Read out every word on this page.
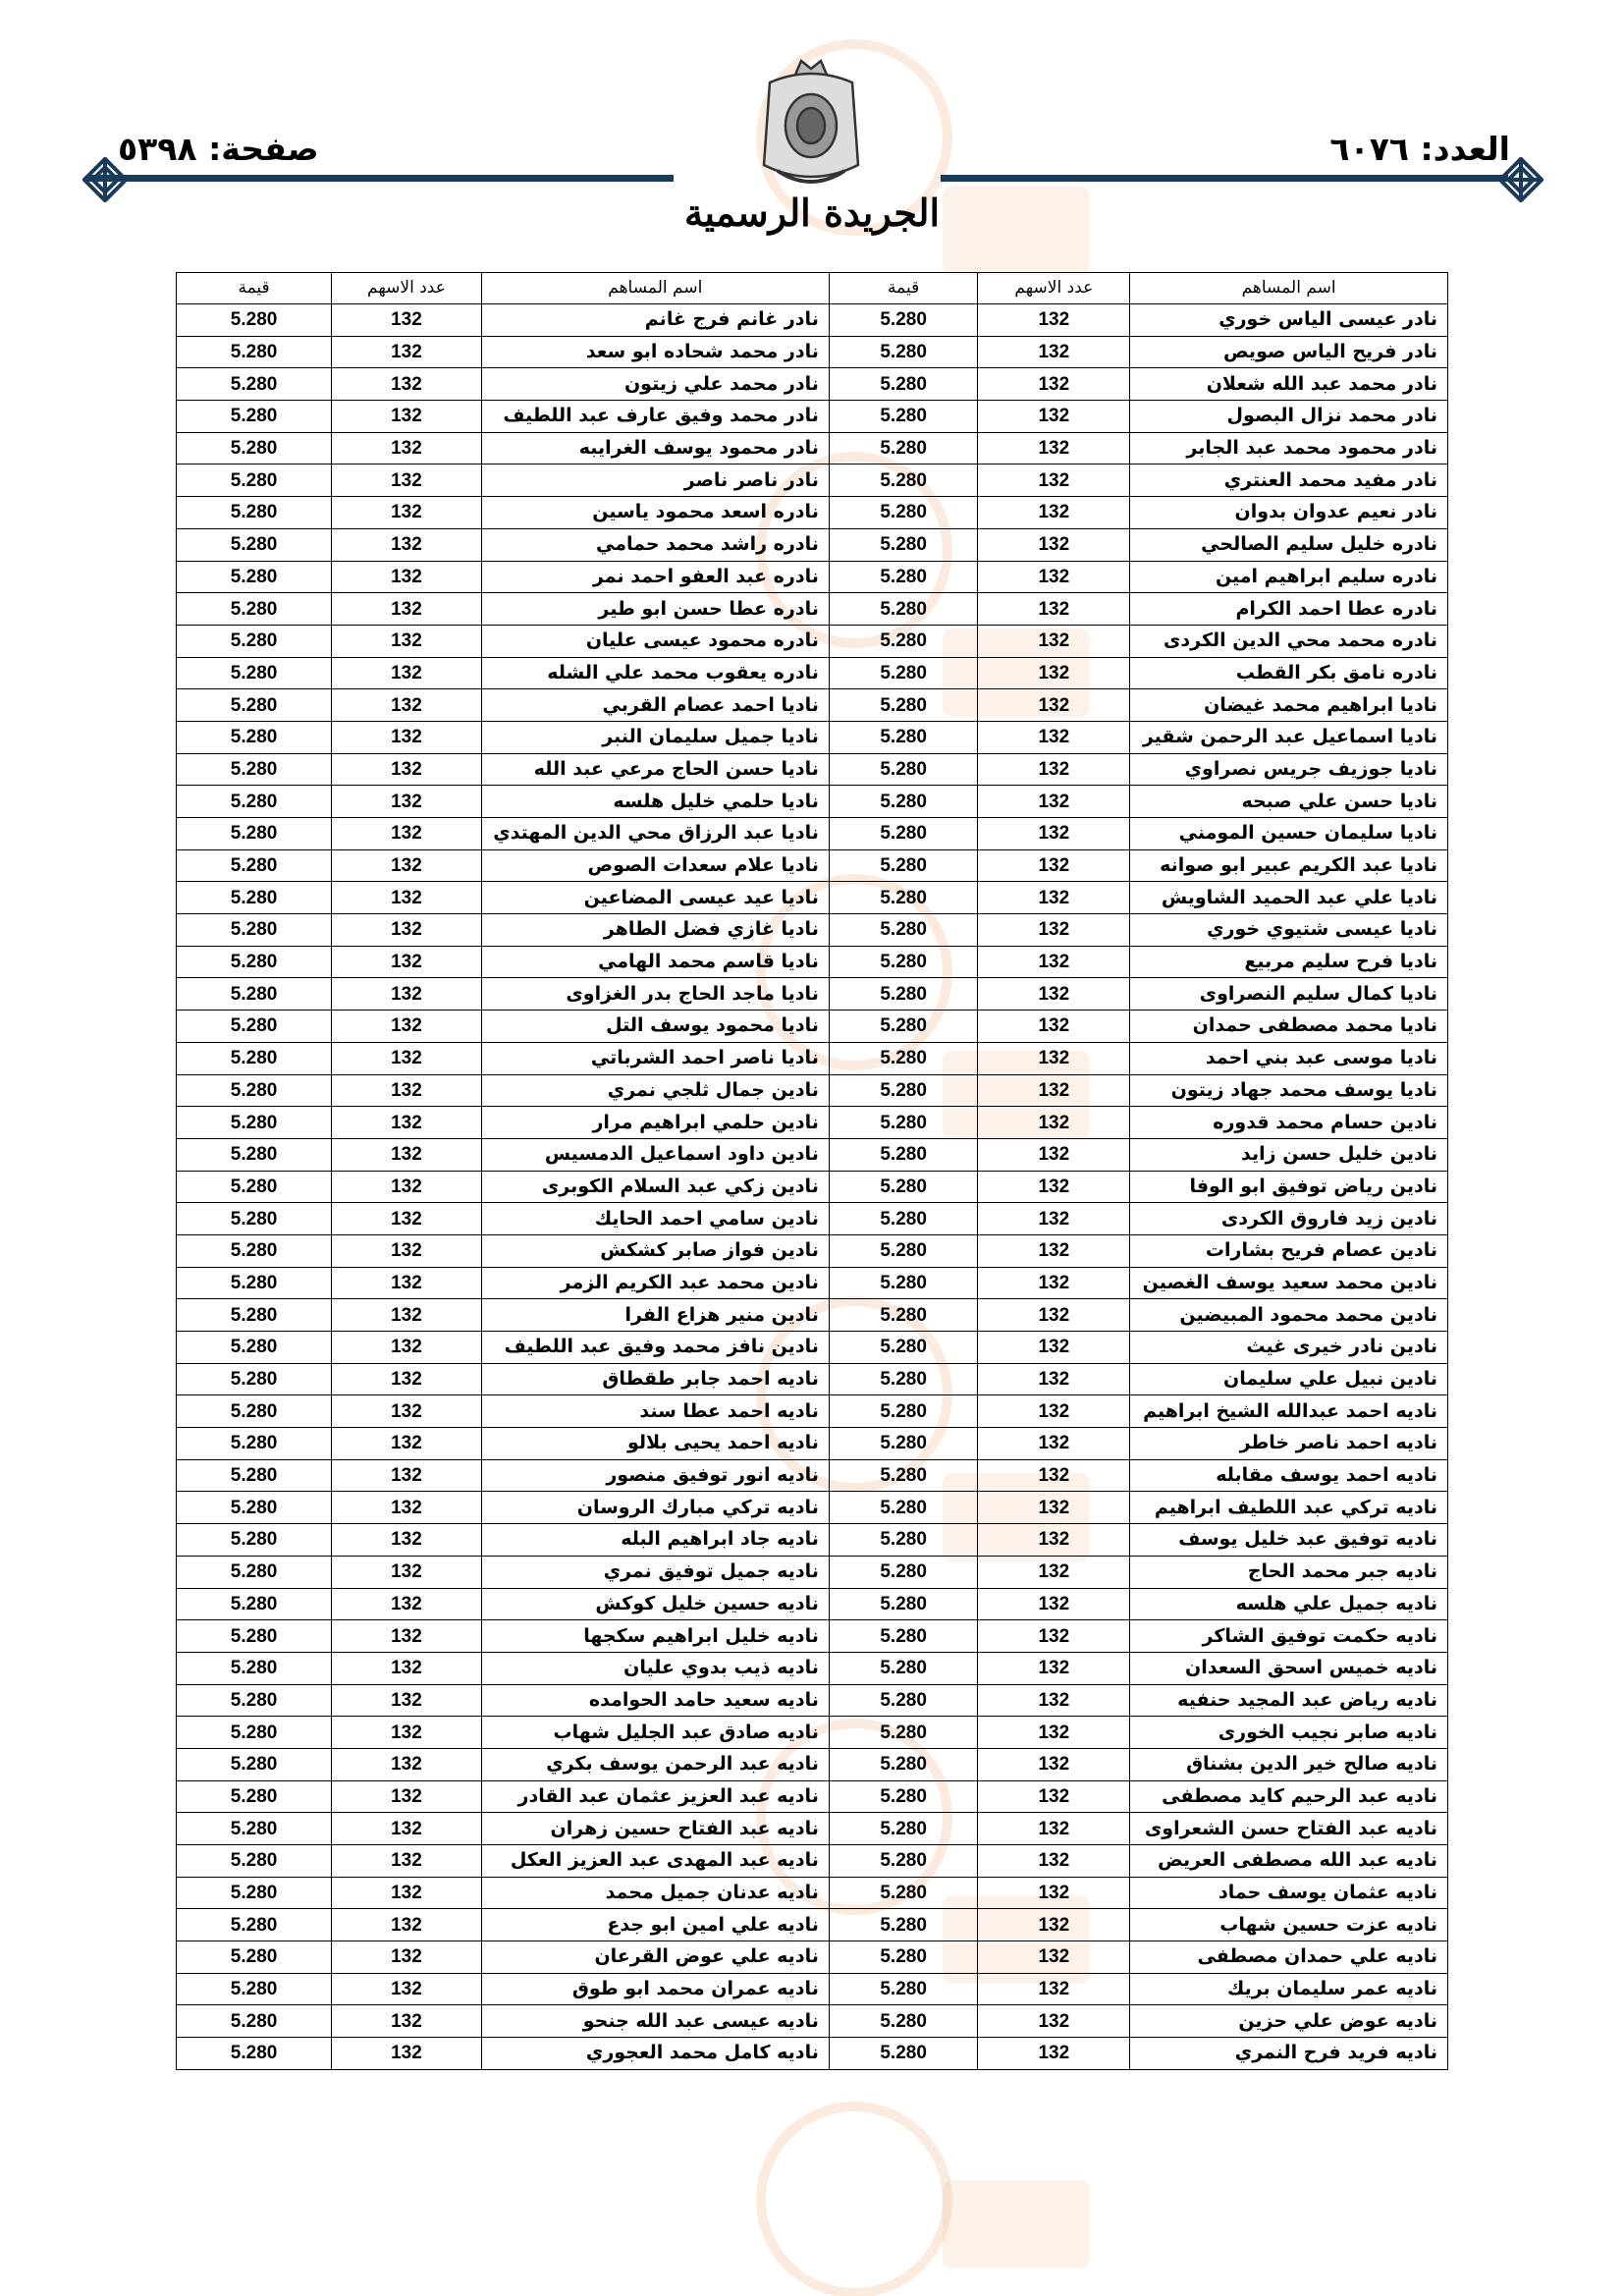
العدد: ٦٠٧٦
صفحة: ٥٣٩٨
الجريدة الرسمية
اسم المساهم	عدد الاسهم	قيمة	اسم المساهم	عدد الاسهم	قيمة
نادر عيسى الياس خوري	132	5.280	نادر غانم فرج غانم	132	5.280
نادر فريح الياس صويص	132	5.280	نادر محمد شحاده ابو سعد	132	5.280
نادر محمد عبد الله شعلان	132	5.280	نادر محمد علي زيتون	132	5.280
نادر محمد نزال البصول	132	5.280	نادر محمد وفيق عارف عبد اللطيف	132	5.280
نادر محمود محمد عبد الجابر	132	5.280	نادر محمود يوسف الغرايبه	132	5.280
نادر مفيد محمد العنتري	132	5.280	نادر ناصر ناصر	132	5.280
نادر نعيم عدوان بدوان	132	5.280	نادره اسعد محمود ياسين	132	5.280
نادره خليل سليم الصالحي	132	5.280	نادره راشد محمد حمامي	132	5.280
نادره سليم ابراهيم امين	132	5.280	نادره عبد العفو احمد نمر	132	5.280
نادره عطا احمد الكرام	132	5.280	نادره عطا حسن ابو طير	132	5.280
نادره محمد محي الدين الكردى	132	5.280	نادره محمود عيسى عليان	132	5.280
نادره نامق بكر القطب	132	5.280	نادره يعقوب محمد علي الشله	132	5.280
ناديا ابراهيم محمد غيضان	132	5.280	ناديا احمد عصام القربي	132	5.280
ناديا اسماعيل عبد الرحمن شقير	132	5.280	ناديا جميل سليمان النبر	132	5.280
ناديا جوزيف جريس نصراوي	132	5.280	ناديا حسن الحاج مرعي عبد الله	132	5.280
ناديا حسن علي صبحه	132	5.280	ناديا حلمي خليل هلسه	132	5.280
ناديا سليمان حسين المومني	132	5.280	ناديا عبد الرزاق محي الدين المهتدي	132	5.280
ناديا عبد الكريم عبير ابو صوانه	132	5.280	ناديا علام سعدات الصوص	132	5.280
ناديا علي عبد الحميد الشاويش	132	5.280	ناديا عيد عيسى المضاعين	132	5.280
ناديا عيسى شتيوي خوري	132	5.280	ناديا غازي فضل الطاهر	132	5.280
ناديا فرح سليم مربيع	132	5.280	ناديا قاسم محمد الهامي	132	5.280
ناديا كمال سليم النصراوى	132	5.280	ناديا ماجد الحاج بدر الغزاوى	132	5.280
ناديا محمد مصطفى حمدان	132	5.280	ناديا محمود يوسف التل	132	5.280
ناديا موسى عبد بني احمد	132	5.280	ناديا ناصر احمد الشرباتي	132	5.280
ناديا يوسف محمد جهاد زيتون	132	5.280	نادين جمال ثلجي نمري	132	5.280
نادين حسام محمد قدوره	132	5.280	نادين حلمي ابراهيم مرار	132	5.280
نادين خليل حسن زايد	132	5.280	نادين داود اسماعيل الدمسيس	132	5.280
نادين رياض توفيق ابو الوفا	132	5.280	نادين زكي عبد السلام الكوبرى	132	5.280
نادين زيد فاروق الكردى	132	5.280	نادين سامي احمد الحايك	132	5.280
نادين عصام فريح بشارات	132	5.280	نادين فواز صابر كشكش	132	5.280
نادين محمد سعيد يوسف الغصين	132	5.280	نادين محمد عبد الكريم الزمر	132	5.280
نادين محمد محمود المبيضين	132	5.280	نادين منير هزاع الفرا	132	5.280
نادين نادر خيرى غيث	132	5.280	نادين نافز محمد وفيق عبد اللطيف	132	5.280
نادين نبيل علي سليمان	132	5.280	ناديه احمد جابر طقطاق	132	5.280
ناديه احمد عبدالله الشيخ ابراهيم	132	5.280	ناديه احمد عطا سند	132	5.280
ناديه احمد ناصر خاطر	132	5.280	ناديه احمد يحيى بلالو	132	5.280
ناديه احمد يوسف مقابله	132	5.280	ناديه انور توفيق منصور	132	5.280
ناديه تركي عبد اللطيف ابراهيم	132	5.280	ناديه تركي مبارك الروسان	132	5.280
ناديه توفيق عبد خليل يوسف	132	5.280	ناديه جاد ابراهيم البله	132	5.280
ناديه جبر محمد الحاج	132	5.280	ناديه جميل توفيق نمري	132	5.280
ناديه جميل علي هلسه	132	5.280	ناديه حسين خليل كوكش	132	5.280
ناديه حكمت توفيق الشاكر	132	5.280	ناديه خليل ابراهيم سكجها	132	5.280
ناديه خميس اسحق السعدان	132	5.280	ناديه ذيب بدوي عليان	132	5.280
ناديه رياض عبد المجيد حنفيه	132	5.280	ناديه سعيد حامد الحوامده	132	5.280
ناديه صابر نجيب الخورى	132	5.280	ناديه صادق عبد الجليل شهاب	132	5.280
ناديه صالح خير الدين بشناق	132	5.280	ناديه عبد الرحمن يوسف بكري	132	5.280
ناديه عبد الرحيم كايد مصطفى	132	5.280	ناديه عبد العزيز عثمان عبد القادر	132	5.280
ناديه عبد الفتاح حسن الشعراوى	132	5.280	ناديه عبد الفتاح حسين زهران	132	5.280
ناديه عبد الله مصطفى العريض	132	5.280	ناديه عبد المهدى عبد العزيز العكل	132	5.280
ناديه عثمان يوسف حماد	132	5.280	ناديه عدنان جميل محمد	132	5.280
ناديه عزت حسين شهاب	132	5.280	ناديه علي امين ابو جدع	132	5.280
ناديه علي حمدان مصطفى	132	5.280	ناديه علي عوض القرعان	132	5.280
ناديه عمر سليمان بريك	132	5.280	ناديه عمران محمد ابو طوق	132	5.280
ناديه عوض علي حزين	132	5.280	ناديه عيسى عبد الله جنحو	132	5.280
ناديه فريد فرح النمري	132	5.280	ناديه كامل محمد العجوري	132	5.280
